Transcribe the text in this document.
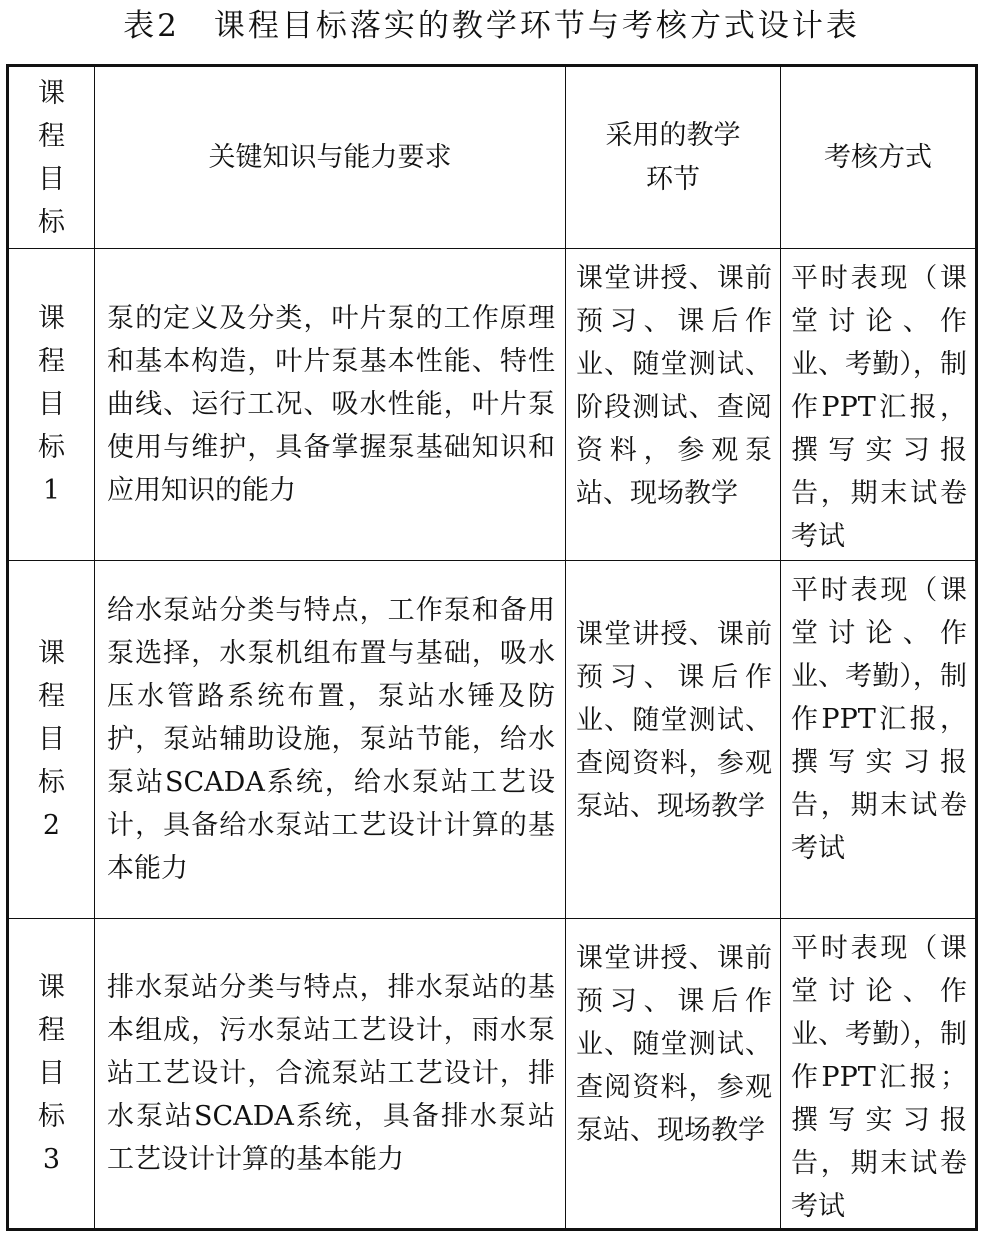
表2　课程目标落实的教学环节与考核方式设计表
课
程
目
标	关键知识与能力要求	采用的教学环节	考核方式

课
程
目
标
1	泵的定义及分类，叶片泵的工作原理和基本构造，叶片泵基本性能、特性曲线、运行工况、吸水性能，叶片泵使用与维护，具备掌握泵基础知识和应用知识的能力	课堂讲授、课前预习、课后作业、随堂测试、阶段测试、查阅资料，参观泵站、现场教学	平时表现（课堂讨论、作业、考勤），制作PPT汇报，撰写实习报告，期末试卷考试

课
程
目
标
2	给水泵站分类与特点，工作泵和备用泵选择，水泵机组布置与基础，吸水压水管路系统布置，泵站水锤及防护，泵站辅助设施，泵站节能，给水泵站SCADA系统，给水泵站工艺设计，具备给水泵站工艺设计计算的基本能力	课堂讲授、课前预习、课后作业、随堂测试、查阅资料，参观泵站、现场教学	平时表现（课堂讨论、作业、考勤），制作PPT汇报，撰写实习报告，期末试卷考试

课
程
目
标
3	排水泵站分类与特点，排水泵站的基本组成，污水泵站工艺设计，雨水泵站工艺设计，合流泵站工艺设计，排水泵站SCADA系统，具备排水泵站工艺设计计算的基本能力	课堂讲授、课前预习、课后作业、随堂测试、查阅资料，参观泵站、现场教学	平时表现（课堂讨论、作业、考勤），制作PPT汇报；撰写实习报告，期末试卷考试
